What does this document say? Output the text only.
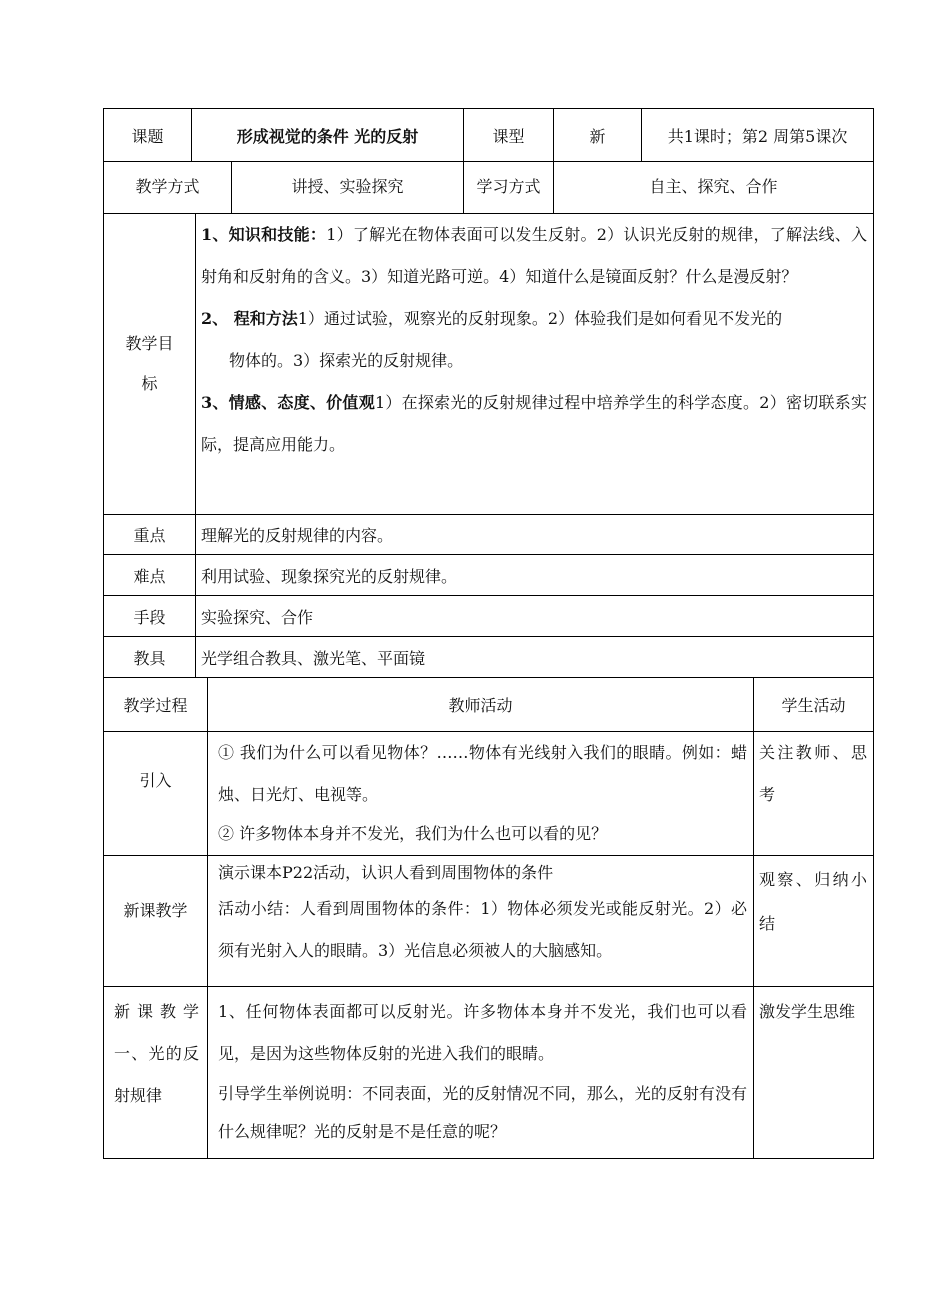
课题	形成视觉的条件 光的反射		课型	新	共1课时；第2 周第5课次
教学方式		讲授、实验探究	学习方式	自主、探究、合作	
教学目标	1、知识和技能：1）了解光在物体表面可以发生反射。2）认识光反射的规律，了解法线、入射角和反射角的含义。3）知道光路可逆。4）知道什么是镜面反射？什么是漫反射？
2、 程和方法1）通过试验，观察光的反射现象。2）体验我们是如何看见不发光的
物体的。3）探索光的反射规律。
3、情感、态度、价值观1）在探索光的反射规律过程中培养学生的科学态度。2）密切联系实际，提高应用能力。

重点	理解光的反射规律的内容。
难点	利用试验、现象探究光的反射规律。
手段	实验探究、合作
教具	光学组合教具、激光笔、平面镜
教学过程	教师活动	学生活动
引入	① 我们为什么可以看见物体？……物体有光线射入我们的眼睛。例如：蜡烛、日光灯、电视等。
② 许多物体本身并不发光，我们为什么也可以看的见？	关注教师、思考
新课教学	演示课本P22活动，认识人看到周围物体的条件
活动小结：人看到周围物体的条件：1）物体必须发光或能反射光。2）必须有光射入人的眼睛。3）光信息必须被人的大脑感知。	观察、归纳小结
新课教学一、光的反射规律	1、任何物体表面都可以反射光。许多物体本身并不发光，我们也可以看见，是因为这些物体反射的光进入我们的眼睛。
引导学生举例说明：不同表面，光的反射情况不同，那么，光的反射有没有什么规律呢？光的反射是不是任意的呢？	激发学生思维
